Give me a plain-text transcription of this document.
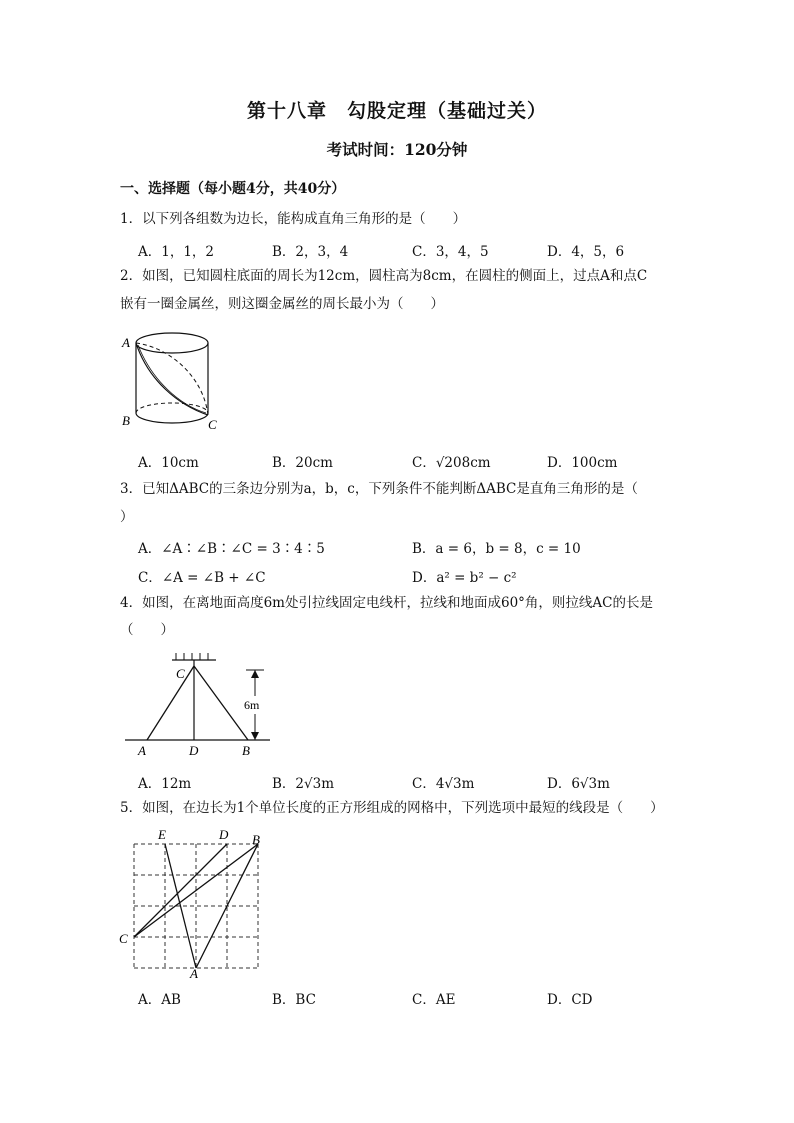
第十八章　勾股定理（基础过关）
考试时间：120分钟
一、选择题（每小题4分，共40分）
1．以下列各组数为边长，能构成直角三角形的是（　　）
A．1，1，2	B．2，3，4	C．3，4，5	D．4，5，6
2．如图，已知圆柱底面的周长为12cm，圆柱高为8cm，在圆柱的侧面上，过点A和点C
嵌有一圈金属丝，则这圈金属丝的周长最小为（　　）
A
B	C
A．10cm	B．20cm	C．√208cm	D．100cm
3．已知ΔABC的三条边分别为a，b，c，下列条件不能判断ΔABC是直角三角形的是（
）
A．∠A∶∠B∶∠C = 3∶4∶5	B．a = 6，b = 8，c = 10
C．∠A = ∠B + ∠C	D．a² = b² − c²
4．如图，在离地面高度6m处引拉线固定电线杆，拉线和地面成60°角，则拉线AC的长是
（　　）
6m
C
A	D	B
A．12m	B．2√3m	C．4√3m	D．6√3m
5．如图，在边长为1个单位长度的正方形组成的网格中，下列选项中最短的线段是（　　）
E	D B
C
A
A．AB	B．BC	C．AE	D．CD
